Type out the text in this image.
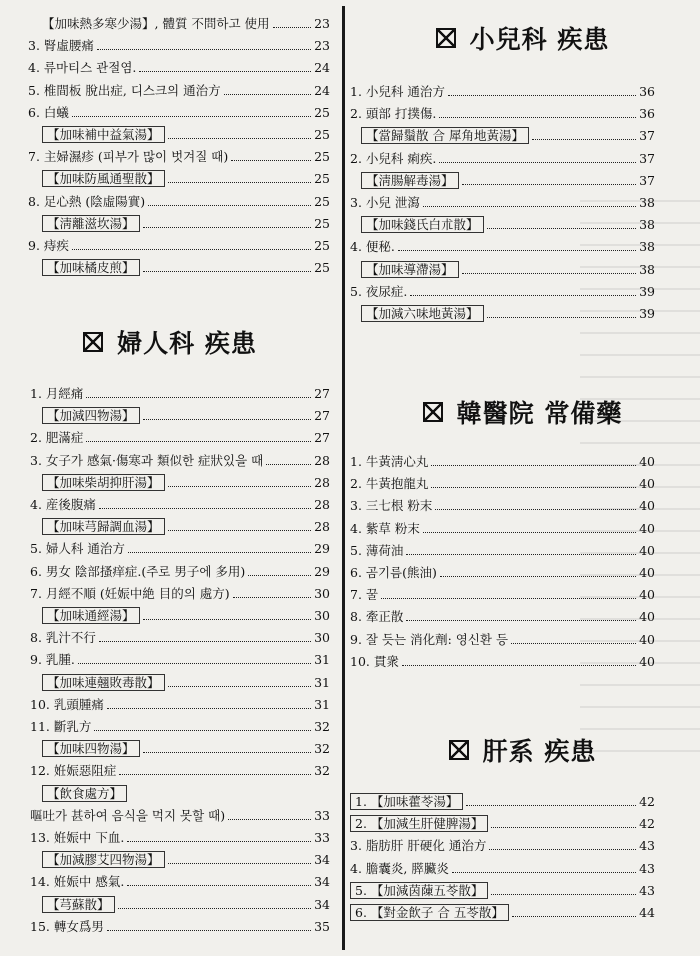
【加味熱多寒少湯】, 體質 不問하고 使用	23
3. 腎虛腰痛	23
4. 류마티스 관절염.	24
5. 椎間板 脫出症, 디스크의 通治方	24
6. 白蟻	25
【加味補中益氣湯】	25
7. 主婦濕疹 (피부가 많이 벗겨질 때)	25
【加味防風通聖散】	25
8. 足心熱 (陰虛陽實)	25
【淸離滋坎湯】	25
9. 痔疾	25
【加味橘皮煎】	25
婦人科 疾患
1. 月經痛	27
【加減四物湯】	27
2. 肥滿症	27
3. 女子가 感氣·傷寒과 類似한 症狀있을 때	28
【加味柴胡抑肝湯】	28
4. 産後腹痛	28
【加味芎歸調血湯】	28
5. 婦人科 通治方	29
6. 男女 陰部搔痒症.(주로 男子에 多用)	29
7. 月經不順 (妊娠中絶 目的의 處方)	30
【加味通經湯】	30
8. 乳汁不行	30
9. 乳腫.	31
【加味連翹敗毒散】	31
10. 乳頭腫痛	31
11. 斷乳方	32
【加味四物湯】	32
12. 姙娠惡阻症	32
【飮食處方】
嘔吐가 甚하여 음식을 먹지 못할 때)	33
13. 姙娠中 下血.	33
【加減膠艾四物湯】	34
14. 姙娠中 感氣.	34
【芎蘇散】	34
15. 轉女爲男	35
小兒科 疾患
1. 小兒科 通治方	36
2. 頭部 打撲傷.	36
【當歸鬚散 合 犀角地黃湯】	37
2. 小兒科 痢疾.	37
【淸腸解毒湯】	37
3. 小兒 泄瀉	38
【加味錢氏白朮散】	38
4. 便秘.	38
【加味導滯湯】	38
5. 夜尿症.	39
【加減六味地黃湯】	39
韓醫院 常備藥
1. 牛黃淸心丸	40
2. 牛黃抱龍丸	40
3. 三七根 粉末	40
4. 紫草 粉末	40
5. 薄荷油	40
6. 곰기름(熊油)	40
7. 꿀	40
8. 牽正散	40
9. 잘 듯는 消化劑: 영신환 등	40
10. 貫衆	40
肝系 疾患
1. 【加味藿苓湯】	42
2. 【加減生肝健脾湯】	42
3. 脂肪肝 肝硬化 通治方	43
4. 膽囊炎, 膵臟炎	43
5. 【加減茵蔯五苓散】	43
6. 【對金飮子 合 五苓散】	44
